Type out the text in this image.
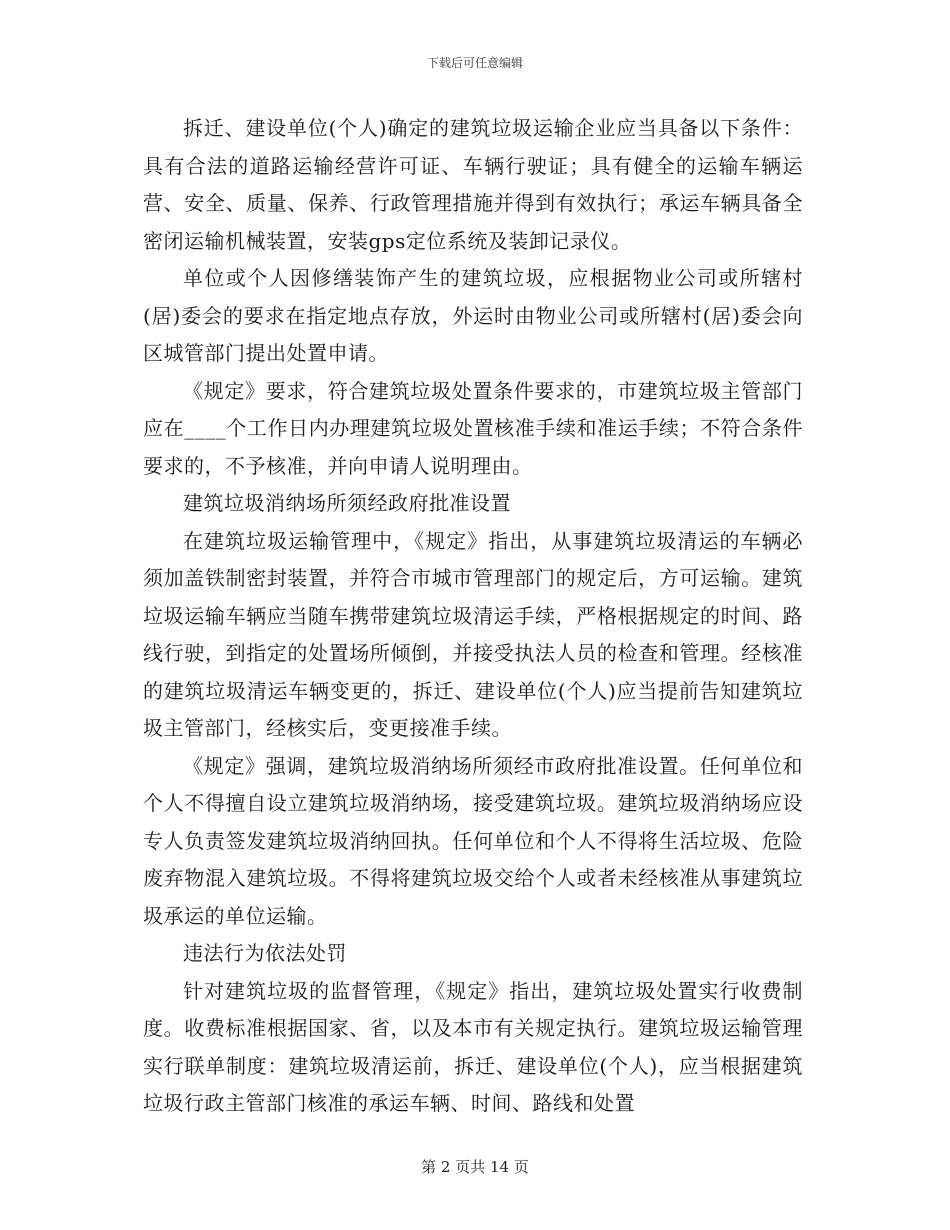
下载后可任意编辑

拆迁、建设单位(个人)确定的建筑垃圾运输企业应当具备以下条件：具有合法的道路运输经营许可证、车辆行驶证；具有健全的运输车辆运营、安全、质量、保养、行政管理措施并得到有效执行；承运车辆具备全密闭运输机械装置，安装gps定位系统及装卸记录仪。

单位或个人因修缮装饰产生的建筑垃圾，应根据物业公司或所辖村(居)委会的要求在指定地点存放，外运时由物业公司或所辖村(居)委会向区城管部门提出处置申请。

《规定》要求，符合建筑垃圾处置条件要求的，市建筑垃圾主管部门应在____个工作日内办理建筑垃圾处置核准手续和准运手续；不符合条件要求的，不予核准，并向申请人说明理由。

建筑垃圾消纳场所须经政府批准设置

在建筑垃圾运输管理中，《规定》指出，从事建筑垃圾清运的车辆必须加盖铁制密封装置，并符合市城市管理部门的规定后，方可运输。建筑垃圾运输车辆应当随车携带建筑垃圾清运手续，严格根据规定的时间、路线行驶，到指定的处置场所倾倒，并接受执法人员的检查和管理。经核准的建筑垃圾清运车辆变更的，拆迁、建设单位(个人)应当提前告知建筑垃圾主管部门，经核实后，变更接准手续。

《规定》强调，建筑垃圾消纳场所须经市政府批准设置。任何单位和个人不得擅自设立建筑垃圾消纳场，接受建筑垃圾。建筑垃圾消纳场应设专人负责签发建筑垃圾消纳回执。任何单位和个人不得将生活垃圾、危险废弃物混入建筑垃圾。不得将建筑垃圾交给个人或者未经核准从事建筑垃圾承运的单位运输。

违法行为依法处罚

针对建筑垃圾的监督管理，《规定》指出，建筑垃圾处置实行收费制度。收费标准根据国家、省，以及本市有关规定执行。建筑垃圾运输管理实行联单制度：建筑垃圾清运前，拆迁、建设单位(个人)，应当根据建筑垃圾行政主管部门核准的承运车辆、时间、路线和处置

第 2 页共 14 页
